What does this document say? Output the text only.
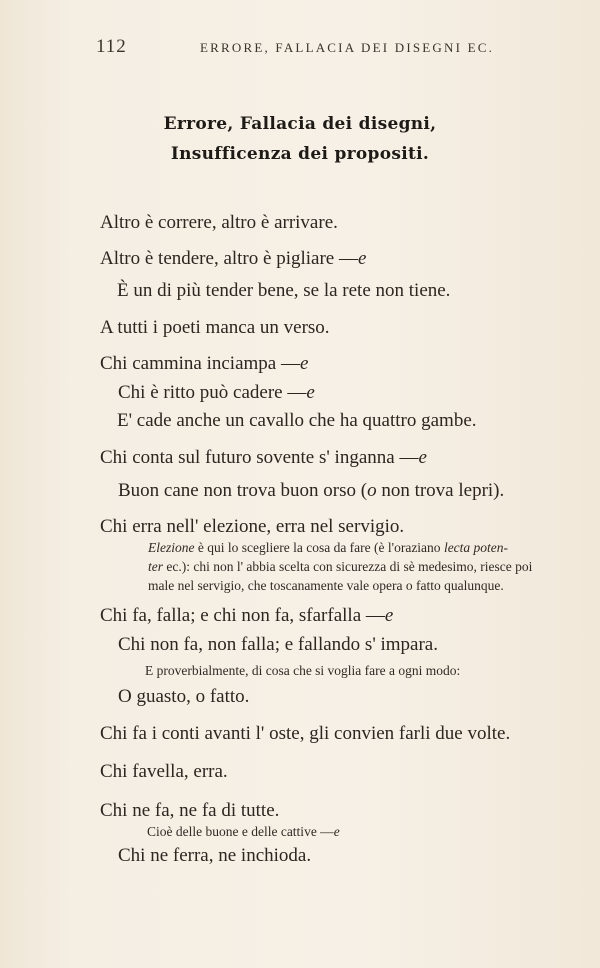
112	ERRORE, FALLACIA DEI DISEGNI EC.
Errore, Fallacia dei disegni,
Insufficenza dei propositi.
Altro è correre, altro è arrivare.
Altro è tendere, altro è pigliare —e
È un di più tender bene, se la rete non tiene.
A tutti i poeti manca un verso.
Chi cammina inciampa —e
Chi è ritto può cadere —e
E' cade anche un cavallo che ha quattro gambe.
Chi conta sul futuro sovente s' inganna —e
Buon cane non trova buon orso (o non trova lepri).
Chi erra nell' elezione, erra nel servigio.
Elezione è qui lo scegliere la cosa da fare (è l'oraziano lecta poten-
ter ec.): chi non l' abbia scelta con sicurezza di sè medesimo, riesce poi
male nel servigio, che toscanamente vale opera o fatto qualunque.
Chi fa, falla; e chi non fa, sfarfalla —e
Chi non fa, non falla; e fallando s' impara.
E proverbialmente, di cosa che si voglia fare a ogni modo:
O guasto, o fatto.
Chi fa i conti avanti l' oste, gli convien farli due volte.
Chi favella, erra.
Chi ne fa, ne fa di tutte.
Cioè delle buone e delle cattive —e
Chi ne ferra, ne inchioda.
